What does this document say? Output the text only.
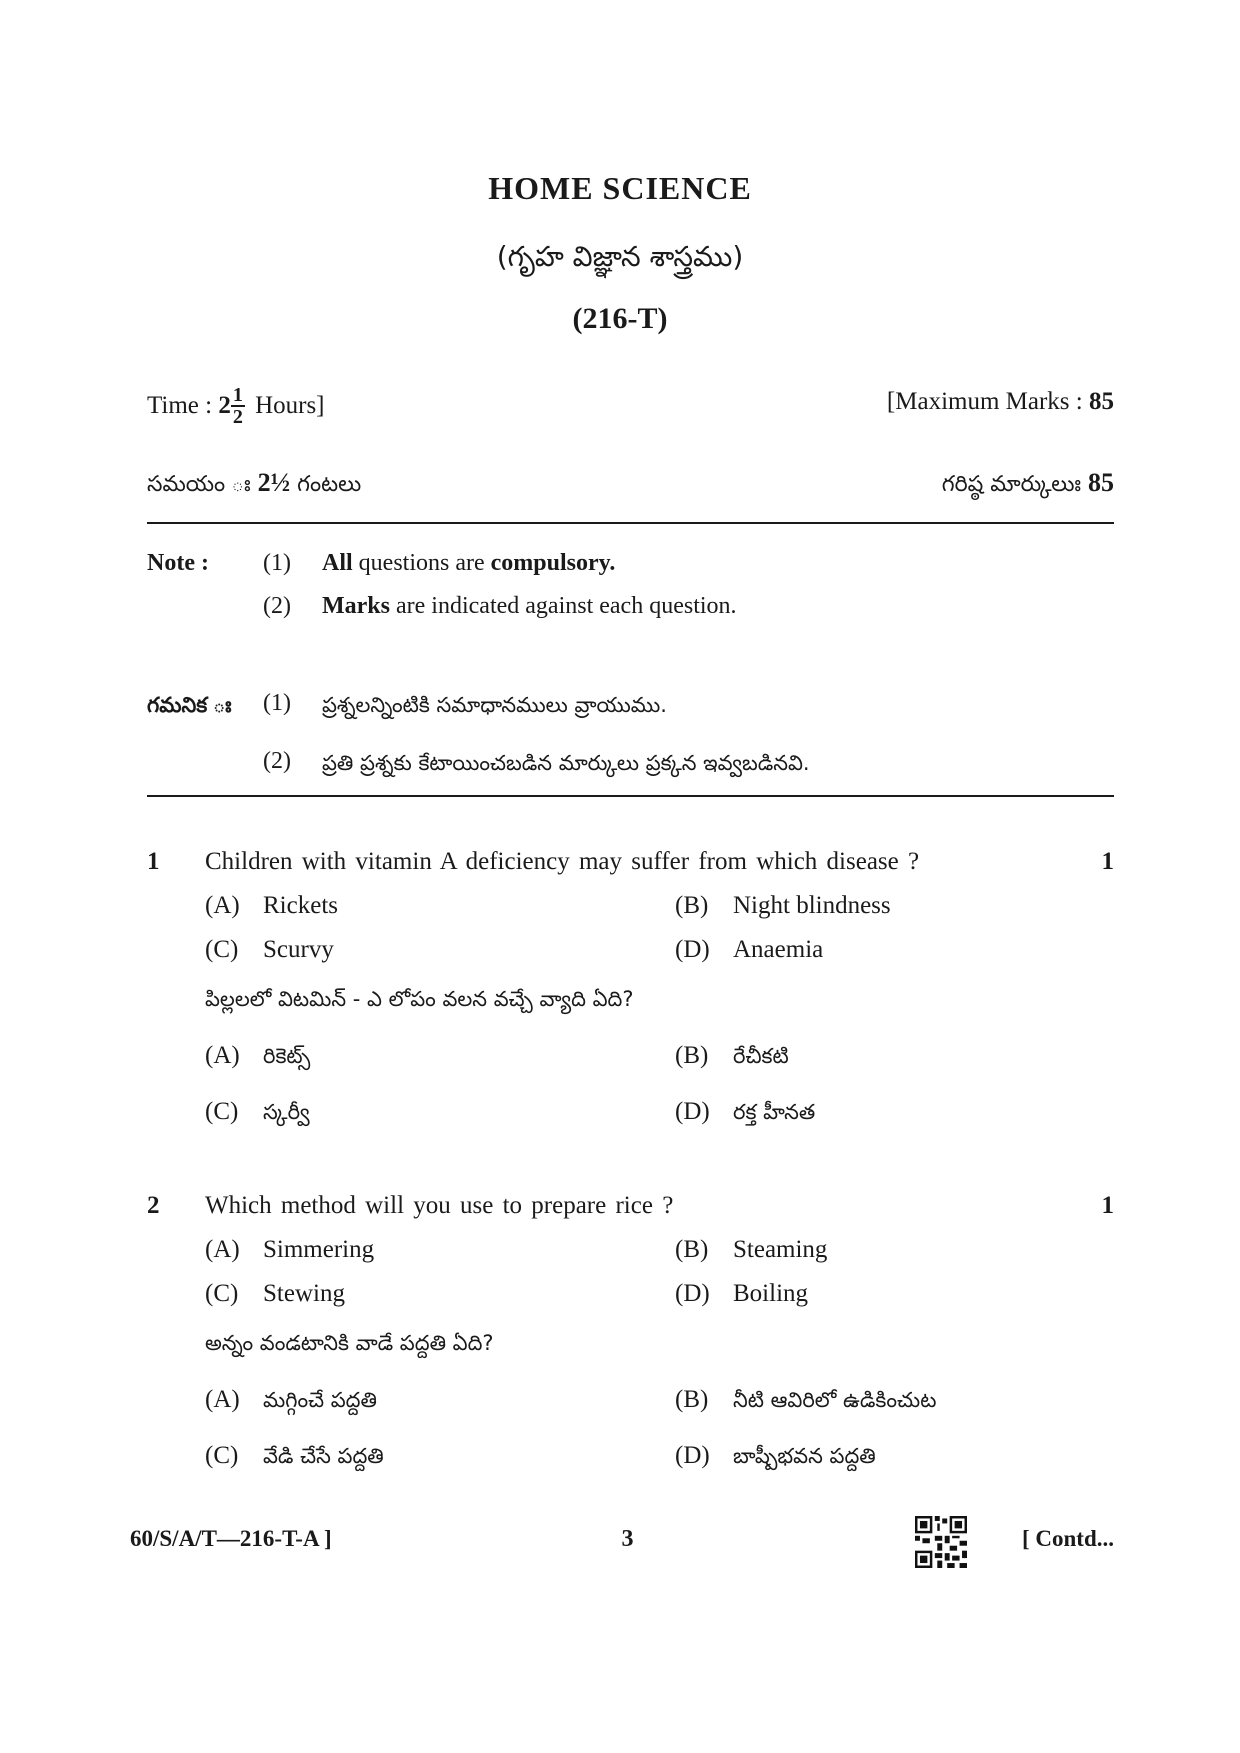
HOME SCIENCE
(గృహ విజ్ఞాన శాస్త్రము)
(216-T)
Time : $2 \frac{1}{2}$ Hours]	[Maximum Marks : 85
సమయం ః 2½ గంటలు	గరిష్ఠ మార్కులుః 85
Note : (1) All questions are compulsory.
(2) Marks are indicated against each question.
గమనిక ః (1) ప్రశ్నలన్నింటికి సమాధానములు వ్రాయుము.
(2) ప్రతి ప్రశ్నకు కేటాయించబడిన మార్కులు ప్రక్కన ఇవ్వబడినవి.
1 Children with vitamin A deficiency may suffer from which disease ?	1
(A) Rickets	(B) Night blindness
(C) Scurvy	(D) Anaemia
పిల్లలలో విటమిన్ - ఎ లోపం వలన వచ్చే వ్యాది ఏది?
(A) రికెట్స్	(B) రేచీకటి
(C) స్కర్వీ	(D) రక్త హీనత
2 Which method will you use to prepare rice ?	1
(A) Simmering	(B) Steaming
(C) Stewing	(D) Boiling
అన్నం వండటానికి వాడే పద్దతి ఏది?
(A) మగ్గించే పద్దతి	(B) నీటి ఆవిరిలో ఉడికించుట
(C) వేడి చేసే పద్దతి	(D) బాష్పీభవన పద్దతి
60/S/A/T—216-T-A ]	3	[ Contd...
